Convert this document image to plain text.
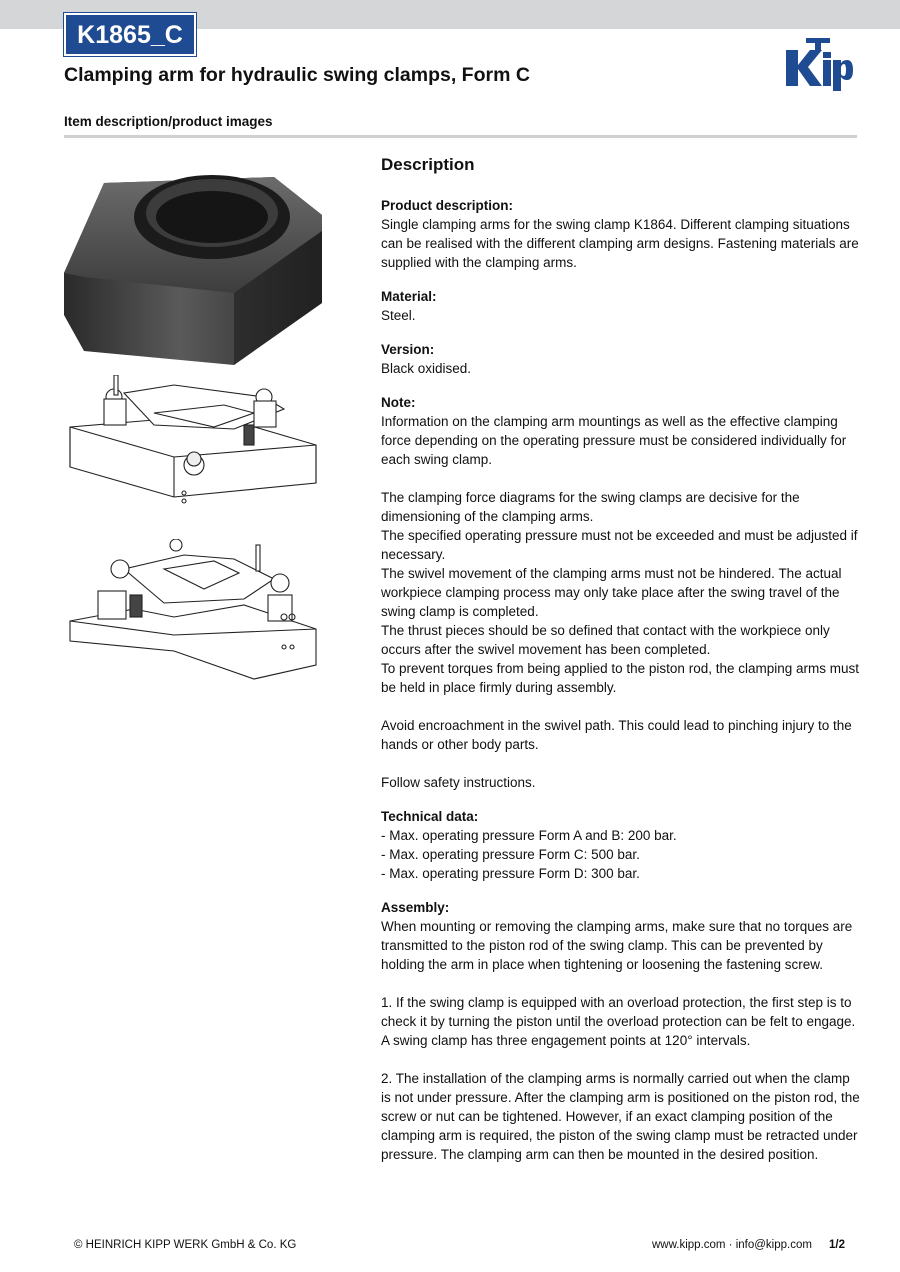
K1865_C
Clamping arm for hydraulic swing clamps, Form C
Item description/product images
Description
Product description:
Single clamping arms for the swing clamp K1864. Different clamping situations can be realised with the different clamping arm designs. Fastening materials are supplied with the clamping arms.
Material:
Steel.
Version:
Black oxidised.
Note:
Information on the clamping arm mountings as well as the effective clamping force depending on the operating pressure must be considered individually for each swing clamp.
The clamping force diagrams for the swing clamps are decisive for the dimensioning of the clamping arms.
The specified operating pressure must not be exceeded and must be adjusted if necessary.
The swivel movement of the clamping arms must not be hindered. The actual workpiece clamping process may only take place after the swing travel of the swing clamp is completed.
The thrust pieces should be so defined that contact with the workpiece only occurs after the swivel movement has been completed.
To prevent torques from being applied to the piston rod, the clamping arms must be held in place firmly during assembly.
Avoid encroachment in the swivel path. This could lead to pinching injury to the hands or other body parts.
Follow safety instructions.
Technical data:
- Max. operating pressure Form A and B: 200 bar.
- Max. operating pressure Form C: 500 bar.
- Max. operating pressure Form D: 300 bar.
Assembly:
When mounting or removing the clamping arms, make sure that no torques are transmitted to the piston rod of the swing clamp. This can be prevented by holding the arm in place when tightening or loosening the fastening screw.
1. If the swing clamp is equipped with an overload protection, the first step is to check it by turning the piston until the overload protection can be felt to engage. A swing clamp has three engagement points at 120° intervals.
2. The installation of the clamping arms is normally carried out when the clamp is not under pressure. After the clamping arm is positioned on the piston rod, the screw or nut can be tightened. However, if an exact clamping position of the clamping arm is required, the piston of the swing clamp must be retracted under pressure. The clamping arm can then be mounted in the desired position.
© HEINRICH KIPP WERK GmbH & Co. KG	www.kipp.com · info@kipp.com 1/2
